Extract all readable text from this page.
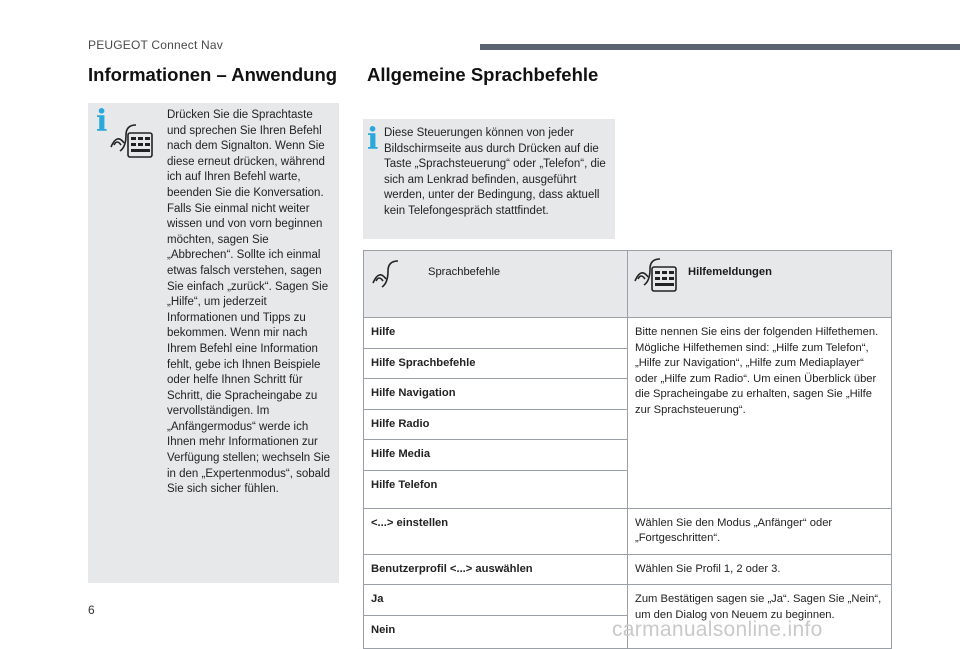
PEUGEOT Connect Nav
Informationen – Anwendung
i	Drücken Sie die Sprachtaste und sprechen Sie Ihren Befehl nach dem Signalton. Wenn Sie diese erneut drücken, während ich auf Ihren Befehl warte, beenden Sie die Konversation. Falls Sie einmal nicht weiter wissen und von vorn beginnen möchten, sagen Sie „Abbrechen“. Sollte ich einmal etwas falsch verstehen, sagen Sie einfach „zurück“. Sagen Sie „Hilfe“, um jederzeit Informationen und Tipps zu bekommen. Wenn mir nach Ihrem Befehl eine Information fehlt, gebe ich Ihnen Beispiele oder helfe Ihnen Schritt für Schritt, die Spracheingabe zu vervollständigen. Im „Anfängermodus“ werde ich Ihnen mehr Informationen zur Verfügung stellen; wechseln Sie in den „Expertenmodus“, sobald Sie sich sicher fühlen.
Allgemeine Sprachbefehle
i Diese Steuerungen können von jeder Bildschirmseite aus durch Drücken auf die Taste „Sprachsteuerung“ oder „Telefon“, die sich am Lenkrad befinden, ausgeführt werden, unter der Bedingung, dass aktuell kein Telefongespräch stattfindet.
Sprachbefehle	Hilfemeldungen

Hilfe	Bitte nennen Sie eins der folgenden Hilfethemen. Mögliche Hilfethemen sind: „Hilfe zum Telefon“, „Hilfe zur Navigation“, „Hilfe zum Mediaplayer“ oder „Hilfe zum Radio“. Um einen Überblick über die Spracheingabe zu erhalten, sagen Sie „Hilfe zur Sprachsteuerung“.
Hilfe Sprachbefehle	
Hilfe Navigation	
Hilfe Radio	
Hilfe Media	
Hilfe Telefon	
<...> einstellen	Wählen Sie den Modus „Anfänger“ oder „Fortgeschritten“.
Benutzerprofil <...> auswählen	Wählen Sie Profil 1, 2 oder 3.
Ja	Zum Bestätigen sagen sie „Ja“. Sagen Sie „Nein“, um den Dialog von Neuem zu beginnen.
Nein	
6
carmanualsonline.info
